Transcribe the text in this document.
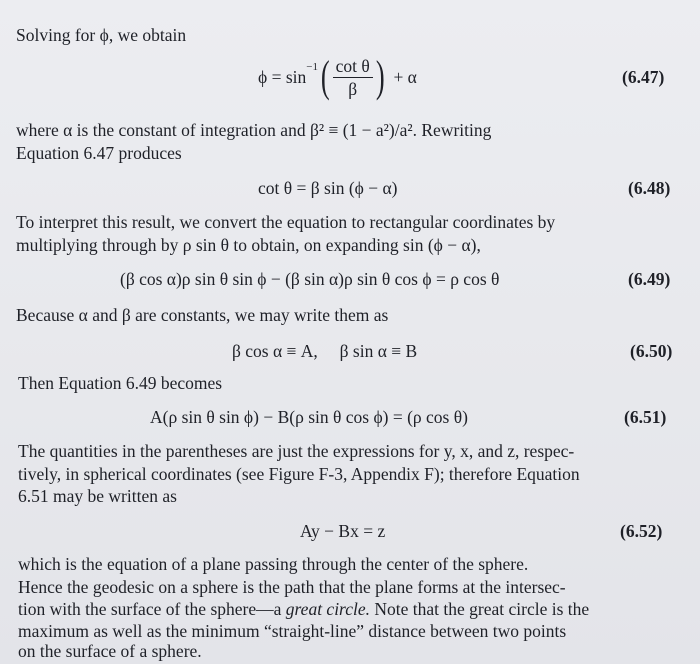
Solving for ϕ, we obtain

$\phi = \sin^{-1}$ ( $\frac{\text{cot θ}}{\beta}$ ) + α	(6.47)

where α is the constant of integration and β² ≡ (1 − a²)/a². Rewriting

Equation 6.47 produces

cot θ = β sin (ϕ − α)	(6.48)

To interpret this result, we convert the equation to rectangular coordinates by

multiplying through by ρ sin θ to obtain, on expanding sin (ϕ − α),

(β cos α)ρ sin θ sin ϕ − (β sin α)ρ sin θ cos ϕ = ρ cos θ	(6.49)

Because α and β are constants, we may write them as

β cos α ≡ A,     β sin α ≡ B	(6.50)

Then Equation 6.49 becomes

A(ρ sin θ sin ϕ) − B(ρ sin θ cos ϕ) = (ρ cos θ)	(6.51)

The quantities in the parentheses are just the expressions for y, x, and z, respec-

tively, in spherical coordinates (see Figure F-3, Appendix F); therefore Equation

6.51 may be written as

Ay − Bx = z	(6.52)

which is the equation of a plane passing through the center of the sphere.

Hence the geodesic on a sphere is the path that the plane forms at the intersec-

tion with the surface of the sphere—a great circle. Note that the great circle is the

maximum as well as the minimum “straight-line” distance between two points

on the surface of a sphere.
